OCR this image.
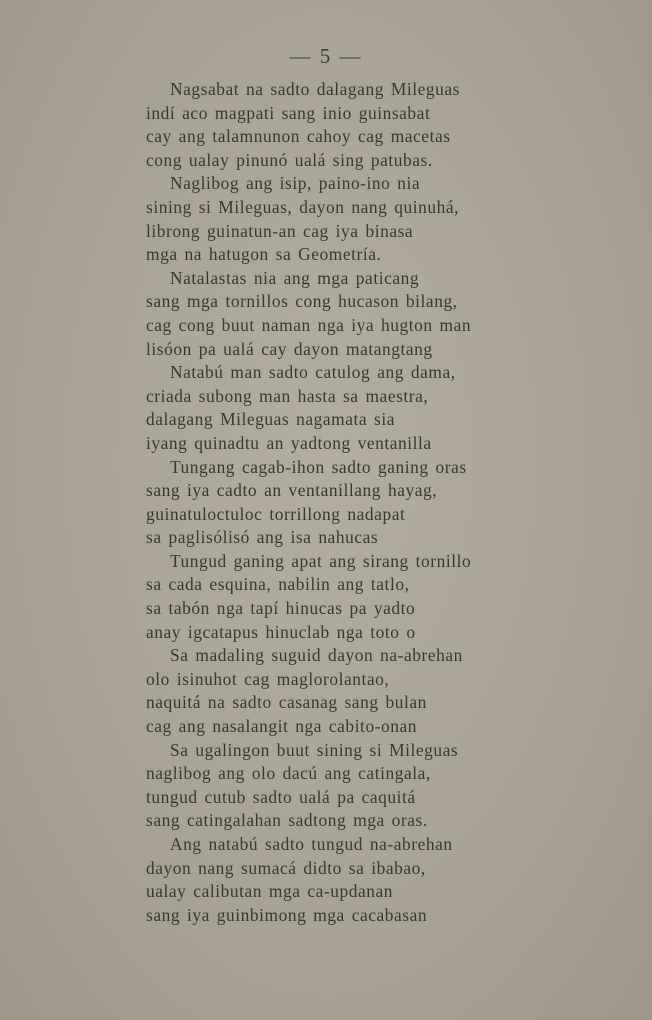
— 5 —
Nagsabat na sadto dalagang Mileguas
indí aco magpati sang inio guinsabat
cay ang talamnunon cahoy cag macetas
cong ualay pinunó ualá sing patubas.
Naglibog ang isip, paino-ino nia
sining si Mileguas, dayon nang quinuhá,
librong guinatun-an cag iya binasa
mga na hatugon sa Geometría.
Natalastas nia ang mga paticang
sang mga tornillos cong hucason bilang,
cag cong buut naman nga iya hugton man
lisóon pa ualá cay dayon matangtang
Natabú man sadto catulog ang dama,
criada subong man hasta sa maestra,
dalagang Mileguas nagamata sia
iyang quinadtu an yadtong ventanilla
Tungang cagab-ihon sadto ganing oras
sang iya cadto an ventanillang hayag,
guinatuloctuloc torrillong nadapat
sa paglisólisó ang isa nahucas
Tungud ganing apat ang sirang tornillo
sa cada esquina, nabilin ang tatlo,
sa tabón nga tapí hinucas pa yadto
anay igcatapus hinuclab nga toto o
Sa madaling suguid dayon na-abrehan
olo isinuhot cag maglorolantao,
naquitá na sadto casanag sang bulan
cag ang nasalangit nga cabito-onan
Sa ugalingon buut sining si Mileguas
naglibog ang olo dacú ang catingala,
tungud cutub sadto ualá pa caquitá
sang catingalahan sadtong mga oras.
Ang natabú sadto tungud na-abrehan
dayon nang sumacá didto sa ibabao,
ualay calibutan mga ca-updanan
sang iya guinbimong mga cacabasan
